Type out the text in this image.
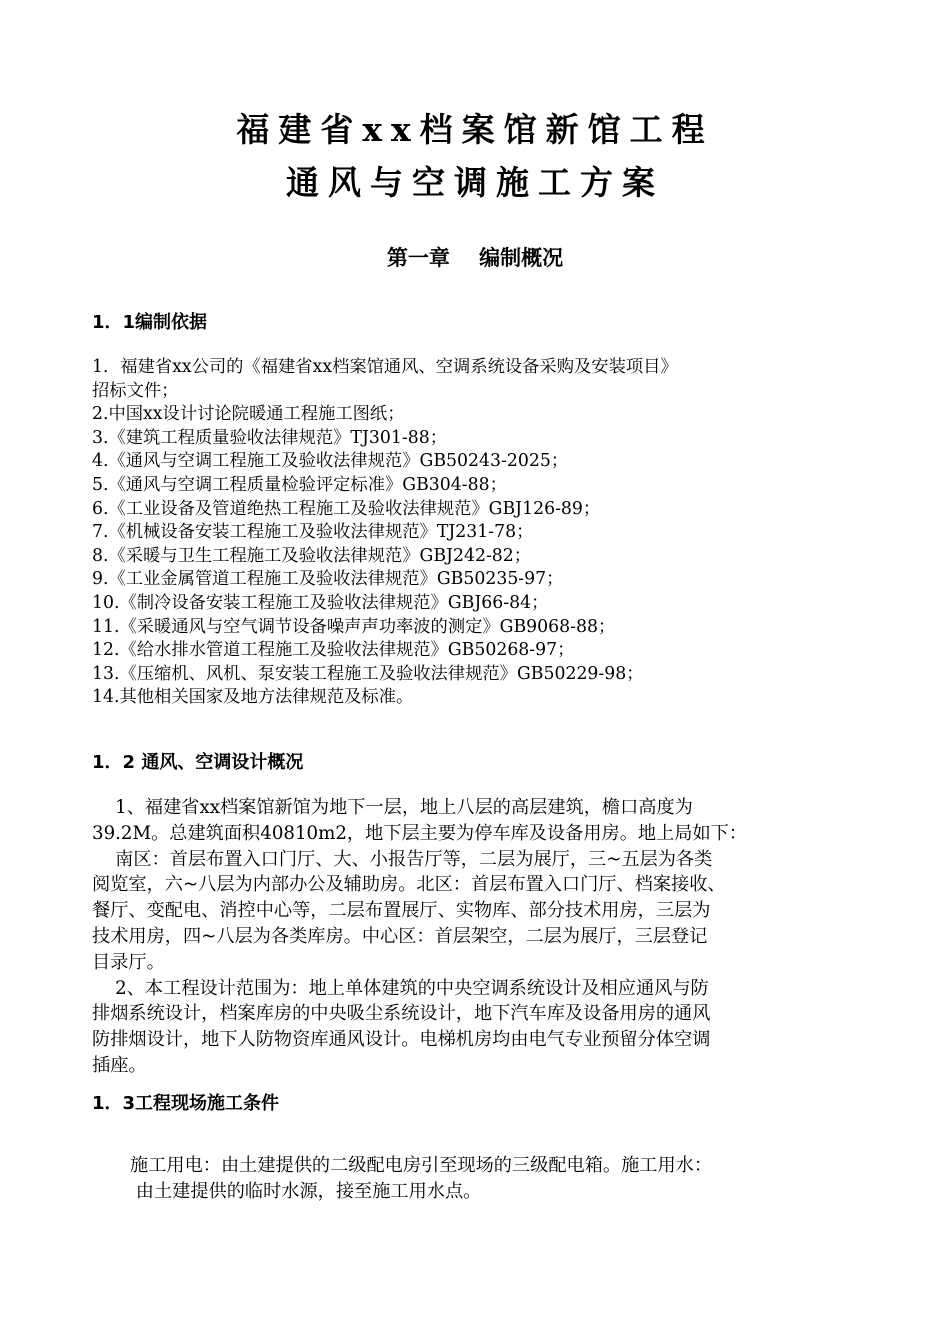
福建省xx档案馆新馆工程
通风与空调施工方案
第一章    编制概况
1．1编制依据
1．福建省xx公司的《福建省xx档案馆通风、空调系统设备采购及安装项目》
招标文件；
2.中国xx设计讨论院暖通工程施工图纸；
3.《建筑工程质量验收法律规范》TJ301-88；
4.《通风与空调工程施工及验收法律规范》GB50243-2025；
5.《通风与空调工程质量检验评定标准》GB304-88；
6.《工业设备及管道绝热工程施工及验收法律规范》GBJ126-89；
7.《机械设备安装工程施工及验收法律规范》TJ231-78；
8.《采暖与卫生工程施工及验收法律规范》GBJ242-82；
9.《工业金属管道工程施工及验收法律规范》GB50235-97；
10.《制冷设备安装工程施工及验收法律规范》GBJ66-84；
11.《采暖通风与空气调节设备噪声声功率波的测定》GB9068-88；
12.《给水排水管道工程施工及验收法律规范》GB50268-97；
13.《压缩机、风机、泵安装工程施工及验收法律规范》GB50229-98；
14.其他相关国家及地方法律规范及标准。
1．2 通风、空调设计概况
1、福建省xx档案馆新馆为地下一层，地上八层的高层建筑，檐口高度为
39.2M。总建筑面积40810m2，地下层主要为停车库及设备用房。地上局如下：
南区：首层布置入口门厅、大、小报告厅等，二层为展厅，三~五层为各类
阅览室，六~八层为内部办公及辅助房。北区：首层布置入口门厅、档案接收、
餐厅、变配电、消控中心等，二层布置展厅、实物库、部分技术用房，三层为
技术用房，四~八层为各类库房。中心区：首层架空，二层为展厅，三层登记
目录厅。
2、本工程设计范围为：地上单体建筑的中央空调系统设计及相应通风与防
排烟系统设计，档案库房的中央吸尘系统设计，地下汽车库及设备用房的通风
防排烟设计，地下人防物资库通风设计。电梯机房均由电气专业预留分体空调
插座。
1．3工程现场施工条件
施工用电：由土建提供的二级配电房引至现场的三级配电箱。施工用水：
由土建提供的临时水源，接至施工用水点。
